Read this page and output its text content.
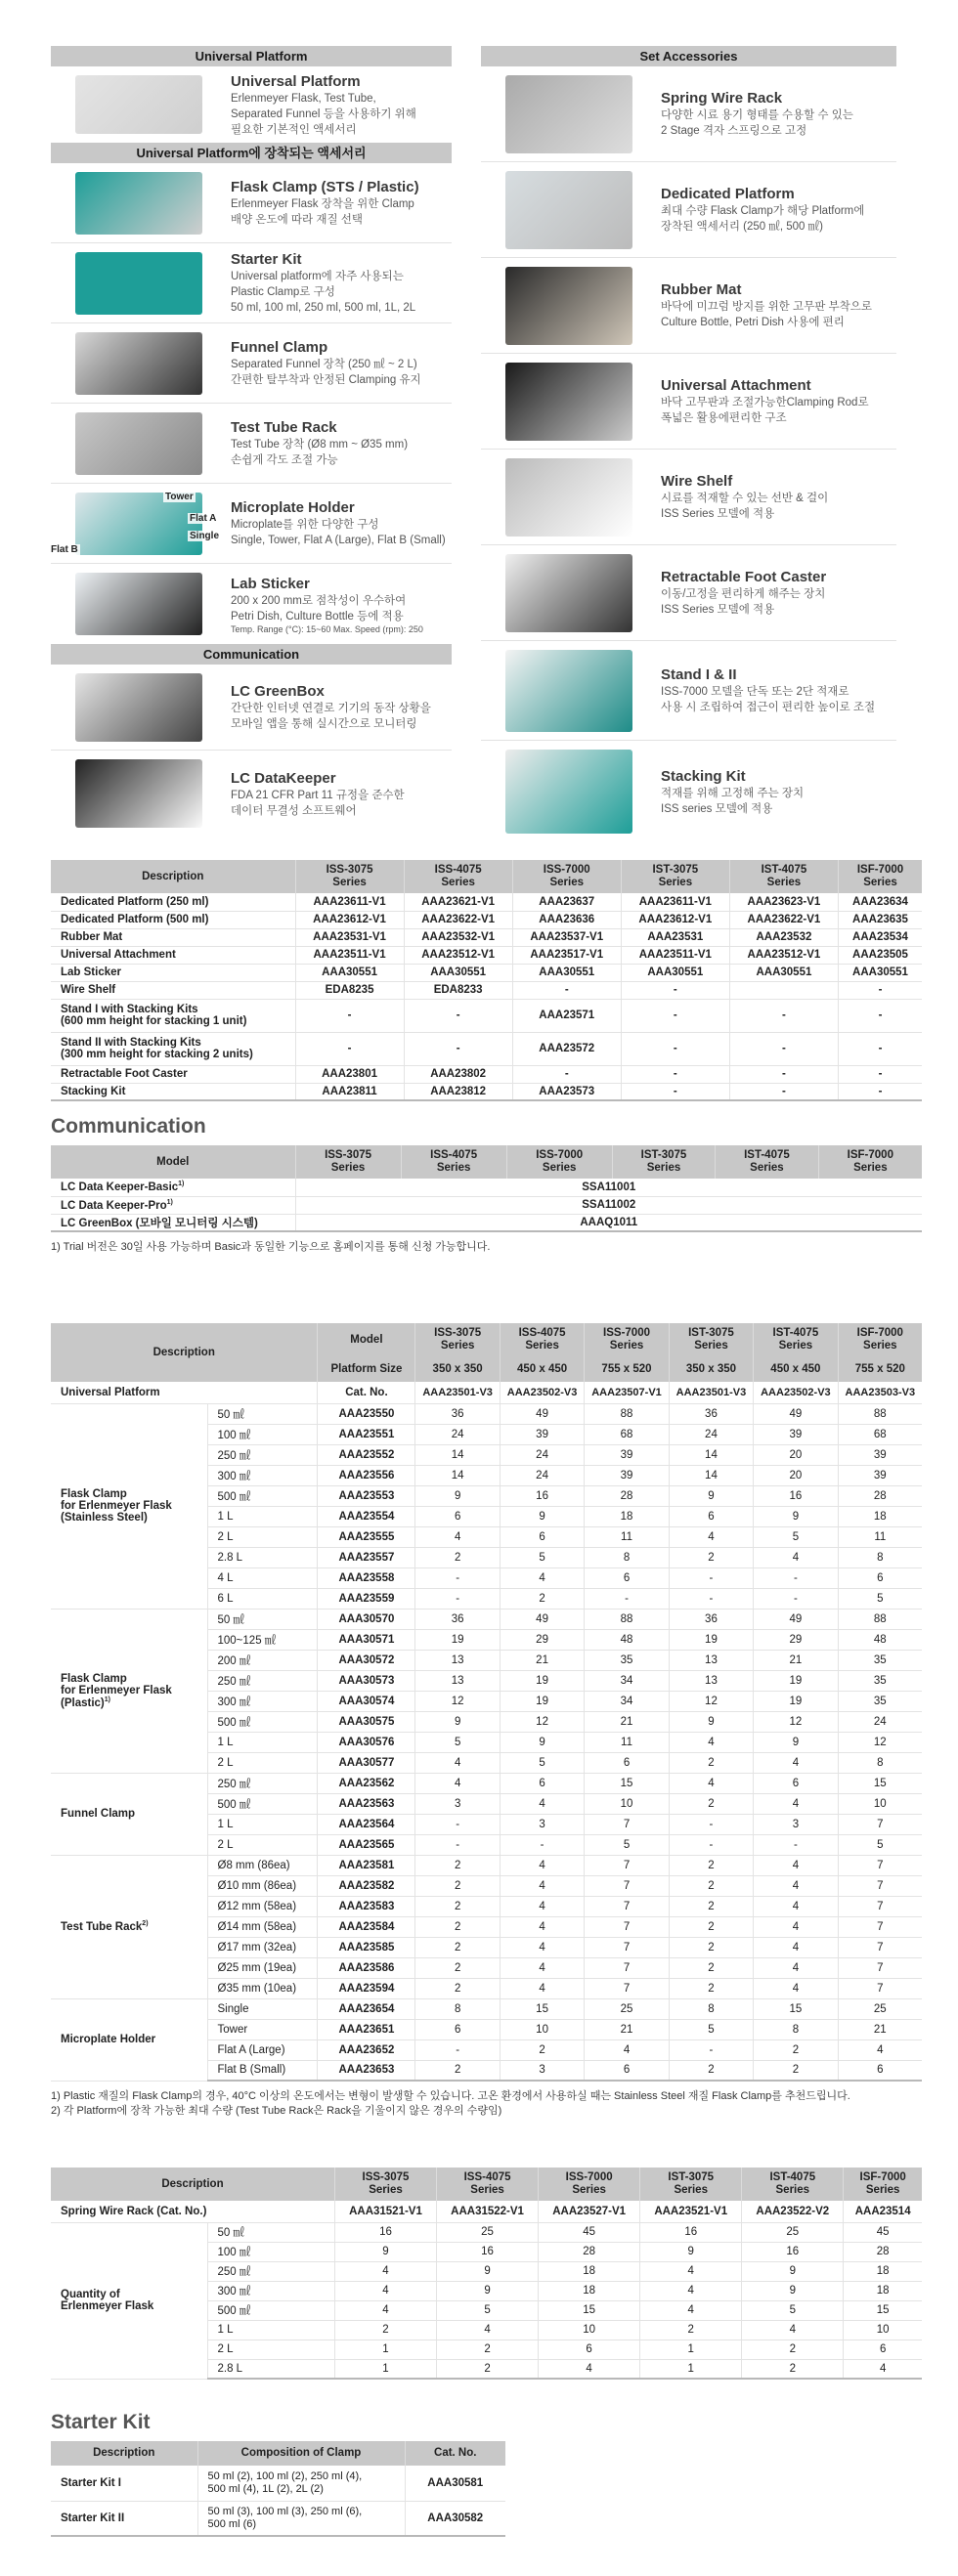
Universal Platform
Universal Platform
Erlenmeyer Flask, Test Tube,
Separated Funnel 등을 사용하기 위해
필요한 기본적인 액세서리
Universal Platform에 장착되는 액세서리
Flask Clamp (STS / Plastic)
Erlenmeyer Flask 장착을 위한 Clamp
배양 온도에 따라 재질 선택
Starter Kit
Universal platform에 자주 사용되는
Plastic Clamp로 구성
50 ml, 100 ml, 250 ml, 500 ml, 1L, 2L
Funnel Clamp
Separated Funnel 장착 (250 ㎖ ~ 2 L)
간편한 탈부착과 안정된 Clamping 유지
Test Tube Rack
Test Tube 장착 (Ø8 mm ~ Ø35 mm)
손쉽게 각도 조절 가능
Tower
Flat A
Single
Flat B
Microplate Holder
Microplate를 위한 다양한 구성
Single, Tower, Flat A (Large), Flat B (Small)
Lab Sticker
200 x 200 mm로 점착성이 우수하여
Petri Dish, Culture Bottle 등에 적용
Temp. Range (°C): 15~60 Max. Speed (rpm): 250
Communication
LC GreenBox
간단한 인터넷 연결로 기기의 동작 상황을
모바일 앱을 통해 실시간으로 모니터링
LC DataKeeper
FDA 21 CFR Part 11 규정을 준수한
데이터 무결성 소프트웨어
Set Accessories
Spring Wire Rack
다양한 시료 용기 형태를 수용할 수 있는
2 Stage 격자 스프링으로 고정
Dedicated Platform
최대 수량 Flask Clamp가 해당 Platform에
장착된 액세서리 (250 ㎖, 500 ㎖)
Rubber Mat
바닥에 미끄럼 방지를 위한 고무판 부착으로
Culture Bottle, Petri Dish 사용에 편리
Universal Attachment
바닥 고무판과 조절가능한Clamping Rod로
폭넓은 활용에편리한 구조
Wire Shelf
시료를 적재할 수 있는 선반 & 걸이
ISS Series 모델에 적용
Retractable Foot Caster
이동/고정을 편리하게 해주는 장치
ISS Series 모델에 적용
Stand I & II
ISS-7000 모델을 단독 또는 2단 적재로
사용 시 조립하여 접근이 편리한 높이로 조절
Stacking Kit
적재를 위해 고정해 주는 장치
ISS series 모델에 적용
Description	
ISS-3075
Series

ISS-4075
Series

ISS-7000
Series

IST-3075
Series

IST-4075
Series

ISF-7000
Series

Dedicated Platform (250 ml)	AAA23611-V1	AAA23621-V1	AAA23637	AAA23611-V1	AAA23623-V1	AAA23634

Dedicated Platform (500 ml)	AAA23612-V1	AAA23622-V1	AAA23636	AAA23612-V1	AAA23622-V1	AAA23635

Rubber Mat	AAA23531-V1	AAA23532-V1	AAA23537-V1	AAA23531	AAA23532	AAA23534

Universal Attachment	AAA23511-V1	AAA23512-V1	AAA23517-V1	AAA23511-V1	AAA23512-V1	AAA23505

Lab Sticker	AAA30551	AAA30551	AAA30551	AAA30551	AAA30551	AAA30551

Wire Shelf	EDA8235	EDA8233	-	-		-

Stand I with Stacking Kits
(600 mm height for stacking 1 unit)	-	-	AAA23571	-	-	-

Stand II with Stacking Kits
(300 mm height for stacking 2 units)	-	-	AAA23572	-	-	-

Retractable Foot Caster	AAA23801	AAA23802	-	-	-	-

Stacking Kit	AAA23811	AAA23812	AAA23573	-	-	-
Communication
Model	
ISS-3075
Series

ISS-4075
Series

ISS-7000
Series

IST-3075
Series

IST-4075
Series

ISF-7000
Series

LC Data Keeper-Basic$^{1)}$	SSA11001					
LC Data Keeper-Pro$^{1)}$	SSA11002					
LC GreenBox (모바일 모니터링 시스템)	AAAQ1011					
1) Trial 버전은 30일 사용 가능하며 Basic과 동일한 기능으로 홈페이지를 통해 신청 가능합니다.
Description	Model	
ISS-3075
Series

ISS-4075
Series

ISS-7000
Series

IST-3075
Series

IST-4075
Series

ISF-7000
Series

		Platform Size	350 x 350	450 x 450	755 x 520	350 x 350	450 x 450	755 x 520
Universal Platform		Cat. No.	AAA23501-V3	AAA23502-V3	AAA23507-V1	AAA23501-V3	AAA23502-V3	AAA23503-V3

Flask Clamp
for Erlenmeyer Flask
(Stainless Steel)	50 ㎖	AAA23550	36	49	88	36	49	88
	100 ㎖	AAA23551	24	39	68	24	39	68
	250 ㎖	AAA23552	14	24	39	14	20	39
	300 ㎖	AAA23556	14	24	39	14	20	39
	500 ㎖	AAA23553	9	16	28	9	16	28
	1 L	AAA23554	6	9	18	6	9	18
	2 L	AAA23555	4	6	11	4	5	11
	2.8 L	AAA23557	2	5	8	2	4	8
	4 L	AAA23558	-	4	6	-	-	6
	6 L	AAA23559	-	2	-	-	-	5

Flask Clamp
for Erlenmeyer Flask
(Plastic)$^{1)}$	50 ㎖	AAA30570	36	49	88	36	49	88
	100~125 ㎖	AAA30571	19	29	48	19	29	48
	200 ㎖	AAA30572	13	21	35	13	21	35
	250 ㎖	AAA30573	13	19	34	13	19	35
	300 ㎖	AAA30574	12	19	34	12	19	35
	500 ㎖	AAA30575	9	12	21	9	12	24
	1 L	AAA30576	5	9	11	4	9	12
	2 L	AAA30577	4	5	6	2	4	8

Funnel Clamp	250 ㎖	AAA23562	4	6	15	4	6	15
	500 ㎖	AAA23563	3	4	10	2	4	10
	1 L	AAA23564	-	3	7	-	3	7
	2 L	AAA23565	-	-	5	-	-	5

Test Tube Rack$^{2)}$	Ø8 mm (86ea)	AAA23581	2	4	7	2	4	7
	Ø10 mm (86ea)	AAA23582	2	4	7	2	4	7
	Ø12 mm (58ea)	AAA23583	2	4	7	2	4	7
	Ø14 mm (58ea)	AAA23584	2	4	7	2	4	7
	Ø17 mm (32ea)	AAA23585	2	4	7	2	4	7
	Ø25 mm (19ea)	AAA23586	2	4	7	2	4	7
	Ø35 mm (10ea)	AAA23594	2	4	7	2	4	7

Microplate Holder	Single	AAA23654	8	15	25	8	15	25
	Tower	AAA23651	6	10	21	5	8	21
	Flat A (Large)	AAA23652	-	2	4	-	2	4
	Flat B (Small)	AAA23653	2	3	6	2	2	6
1) Plastic 재질의 Flask Clamp의 경우, 40°C 이상의 온도에서는 변형이 발생할 수 있습니다. 고온 환경에서 사용하실 때는 Stainless Steel 재질 Flask Clamp를 추천드립니다.
2) 각 Platform에 장착 가능한 최대 수량 (Test Tube Rack은 Rack을 기울이지 않은 경우의 수량임)
Description	
ISS-3075
Series

ISS-4075
Series

ISS-7000
Series

IST-3075
Series

IST-4075
Series

ISF-7000
Series

Spring Wire Rack (Cat. No.)		AAA31521-V1	AAA31522-V1	AAA23527-V1	AAA23521-V1	AAA23522-V2	AAA23514

Quantity of
Erlenmeyer Flask	50 ㎖	16	25	45	16	25	45
	100 ㎖	9	16	28	9	16	28
	250 ㎖	4	9	18	4	9	18
	300 ㎖	4	9	18	4	9	18
	500 ㎖	4	5	15	4	5	15
	1 L	2	4	10	2	4	10
	2 L	1	2	6	1	2	6
	2.8 L	1	2	4	1	2	4
Starter Kit
Description	Composition of Clamp	Cat. No.
Starter Kit I	50 ml (2), 100 ml (2), 250 ml (4),
500 ml (4), 1L (2), 2L (2)	AAA30581
Starter Kit II	50 ml (3), 100 ml (3), 250 ml (6),
500 ml (6)	AAA30582
